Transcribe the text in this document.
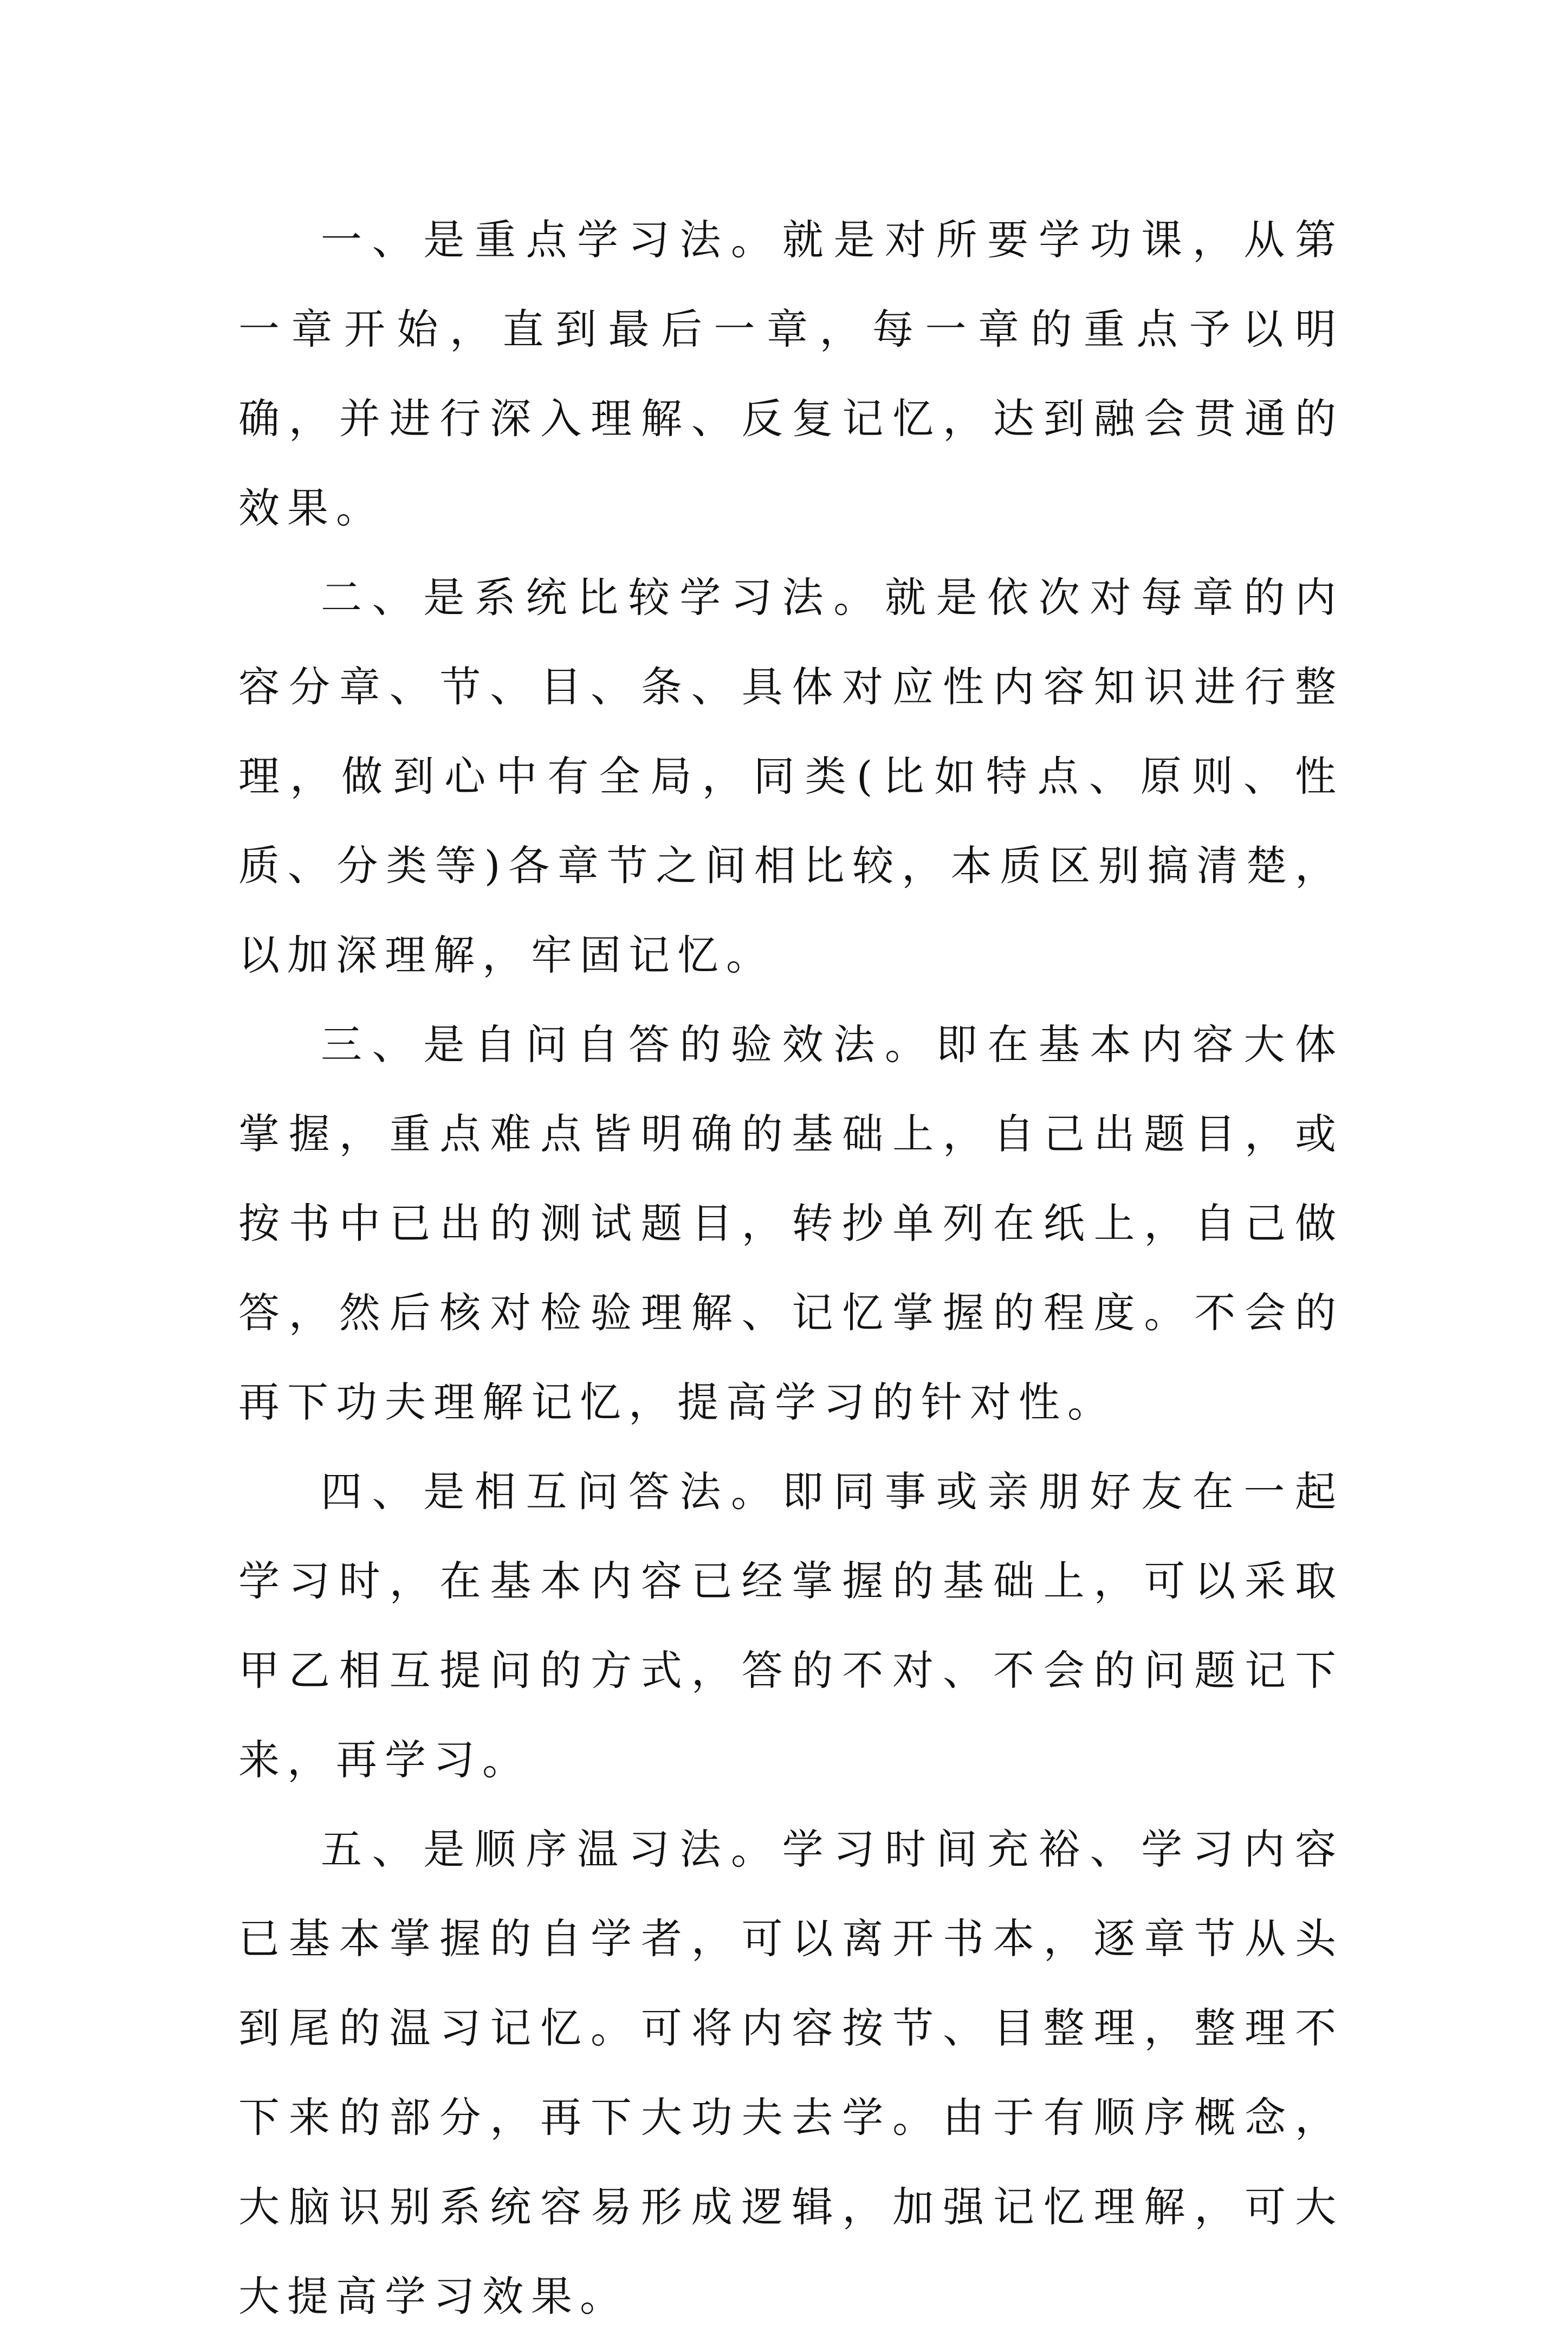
一、是重点学习法。就是对所要学功课，从第一章开始，直到最后一章，每一章的重点予以明确，并进行深入理解、反复记忆，达到融会贯通的效果。

二、是系统比较学习法。就是依次对每章的内容分章、节、目、条、具体对应性内容知识进行整理，做到心中有全局，同类(比如特点、原则、性质、分类等)各章节之间相比较，本质区别搞清楚，以加深理解，牢固记忆。

三、是自问自答的验效法。即在基本内容大体掌握，重点难点皆明确的基础上，自己出题目，或按书中已出的测试题目，转抄单列在纸上，自己做答，然后核对检验理解、记忆掌握的程度。不会的再下功夫理解记忆，提高学习的针对性。

四、是相互问答法。即同事或亲朋好友在一起学习时，在基本内容已经掌握的基础上，可以采取甲乙相互提问的方式，答的不对、不会的问题记下来，再学习。

五、是顺序温习法。学习时间充裕、学习内容已基本掌握的自学者，可以离开书本，逐章节从头到尾的温习记忆。可将内容按节、目整理，整理不下来的部分，再下大功夫去学。由于有顺序概念，大脑识别系统容易形成逻辑，加强记忆理解，可大大提高学习效果。
